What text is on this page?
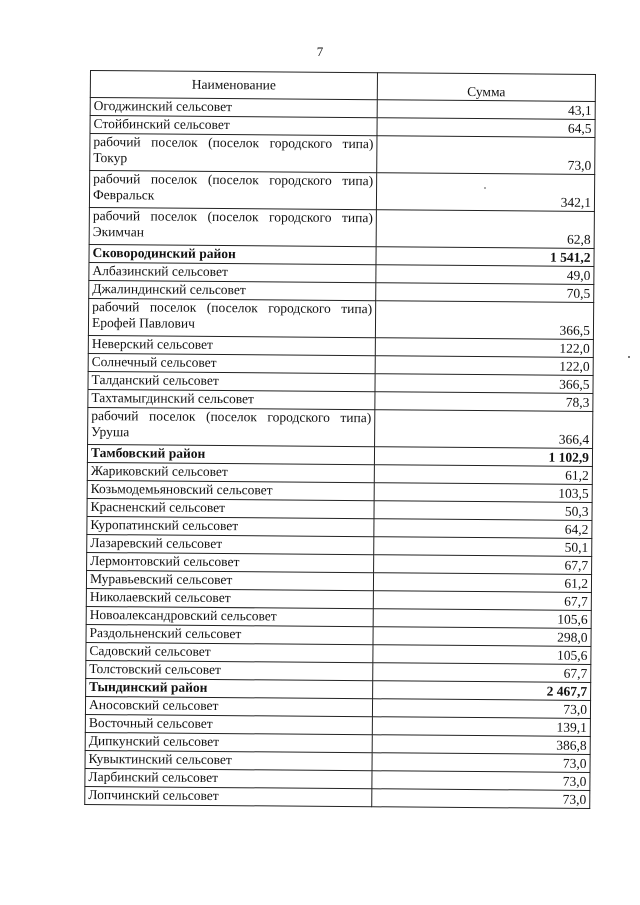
7
Наименование	Сумма
Огоджинский сельсовет	43,1
Стойбинский сельсовет	64,5
рабочий поселок (поселок городского типа) Токур	73,0
рабочий поселок (поселок городского типа) Февральск	342,1
рабочий поселок (поселок городского типа) Экимчан	62,8
Сковородинский район	1 541,2
Албазинский сельсовет	49,0
Джалиндинский сельсовет	70,5
рабочий поселок (поселок городского типа) Ерофей Павлович	366,5
Неверский сельсовет	122,0
Солнечный сельсовет	122,0
Талданский сельсовет	366,5
Тахтамыгдинский сельсовет	78,3
рабочий поселок (поселок городского типа) Уруша	366,4
Тамбовский район	1 102,9
Жариковский сельсовет	61,2
Козьмодемьяновский сельсовет	103,5
Красненский сельсовет	50,3
Куропатинский сельсовет	64,2
Лазаревский сельсовет	50,1
Лермонтовский сельсовет	67,7
Муравьевский сельсовет	61,2
Николаевский сельсовет	67,7
Новоалександровский сельсовет	105,6
Раздольненский сельсовет	298,0
Садовский сельсовет	105,6
Толстовский сельсовет	67,7
Тындинский район	2 467,7
Аносовский сельсовет	73,0
Восточный сельсовет	139,1
Дипкунский сельсовет	386,8
Кувыктинский сельсовет	73,0
Ларбинский сельсовет	73,0
Лопчинский сельсовет	73,0
